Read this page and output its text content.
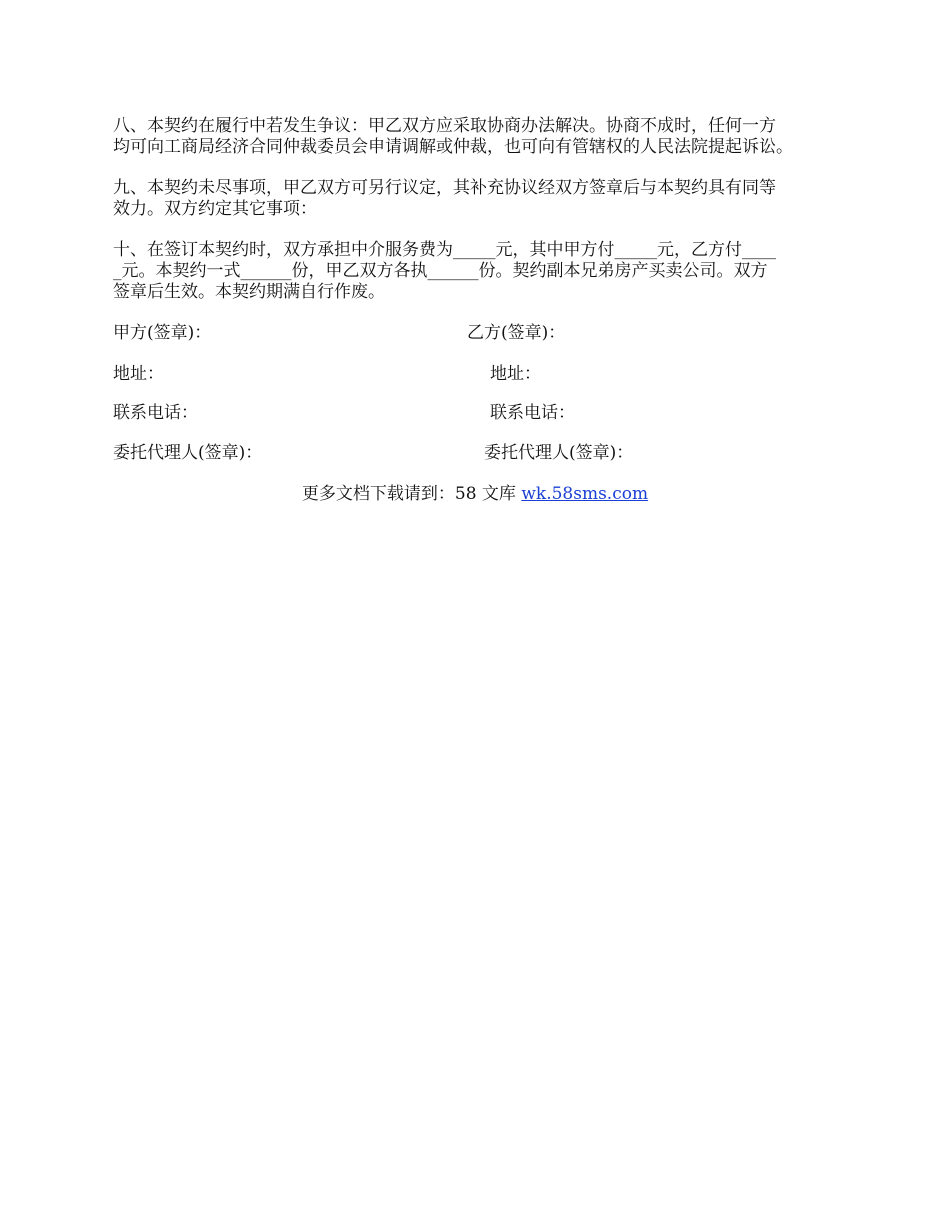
八、本契约在履行中若发生争议：甲乙双方应采取协商办法解决。协商不成时，任何一方
均可向工商局经济合同仲裁委员会申请调解或仲裁，也可向有管辖权的人民法院提起诉讼。
九、本契约未尽事项，甲乙双方可另行议定，其补充协议经双方签章后与本契约具有同等
效力。双方约定其它事项：
十、在签订本契约时，双方承担中介服务费为_____元，其中甲方付_____元，乙方付____
_元。本契约一式______份，甲乙双方各执______份。契约副本兄弟房产买卖公司。双方
签章后生效。本契约期满自行作废。
甲方(签章)：	乙方(签章)：
地址：	地址：
联系电话：	联系电话：
委托代理人(签章)：	委托代理人(签章)：
更多文档下载请到：58 文库 wk.58sms.com
